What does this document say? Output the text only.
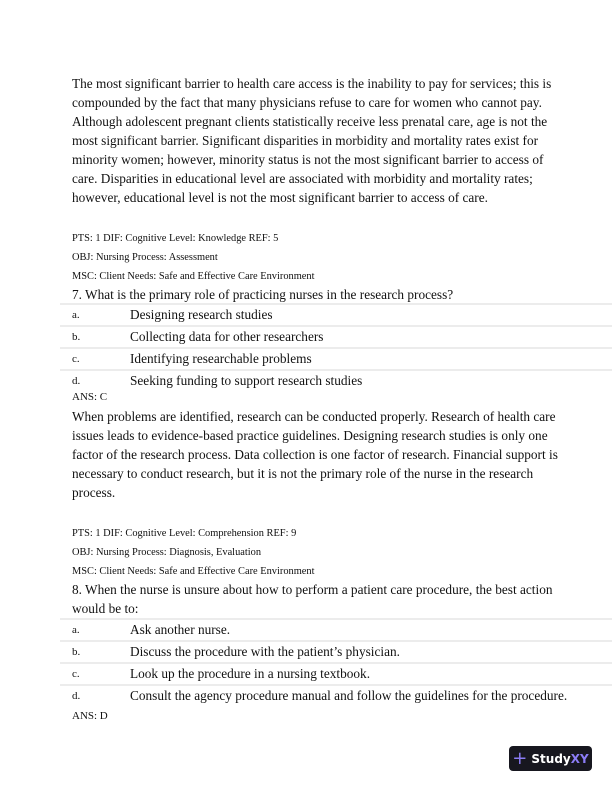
The most significant barrier to health care access is the inability to pay for services; this is compounded by the fact that many physicians refuse to care for women who cannot pay. Although adolescent pregnant clients statistically receive less prenatal care, age is not the most significant barrier. Significant disparities in morbidity and mortality rates exist for minority women; however, minority status is not the most significant barrier to access of care. Disparities in educational level are associated with morbidity and mortality rates; however, educational level is not the most significant barrier to access of care.
PTS: 1 DIF: Cognitive Level: Knowledge REF: 5
OBJ: Nursing Process: Assessment
MSC: Client Needs: Safe and Effective Care Environment
7. What is the primary role of practicing nurses in the research process?
a.	Designing research studies
b.	Collecting data for other researchers
c.	Identifying researchable problems
d.	Seeking funding to support research studies
ANS: C
When problems are identified, research can be conducted properly. Research of health care issues leads to evidence-based practice guidelines. Designing research studies is only one factor of the research process. Data collection is one factor of research. Financial support is necessary to conduct research, but it is not the primary role of the nurse in the research process.
PTS: 1 DIF: Cognitive Level: Comprehension REF: 9
OBJ: Nursing Process: Diagnosis, Evaluation
MSC: Client Needs: Safe and Effective Care Environment
8. When the nurse is unsure about how to perform a patient care procedure, the best action would be to:
a.	Ask another nurse.
b.	Discuss the procedure with the patient’s physician.
c.	Look up the procedure in a nursing textbook.
d.	Consult the agency procedure manual and follow the guidelines for the procedure.
ANS: D
+ Study XY
